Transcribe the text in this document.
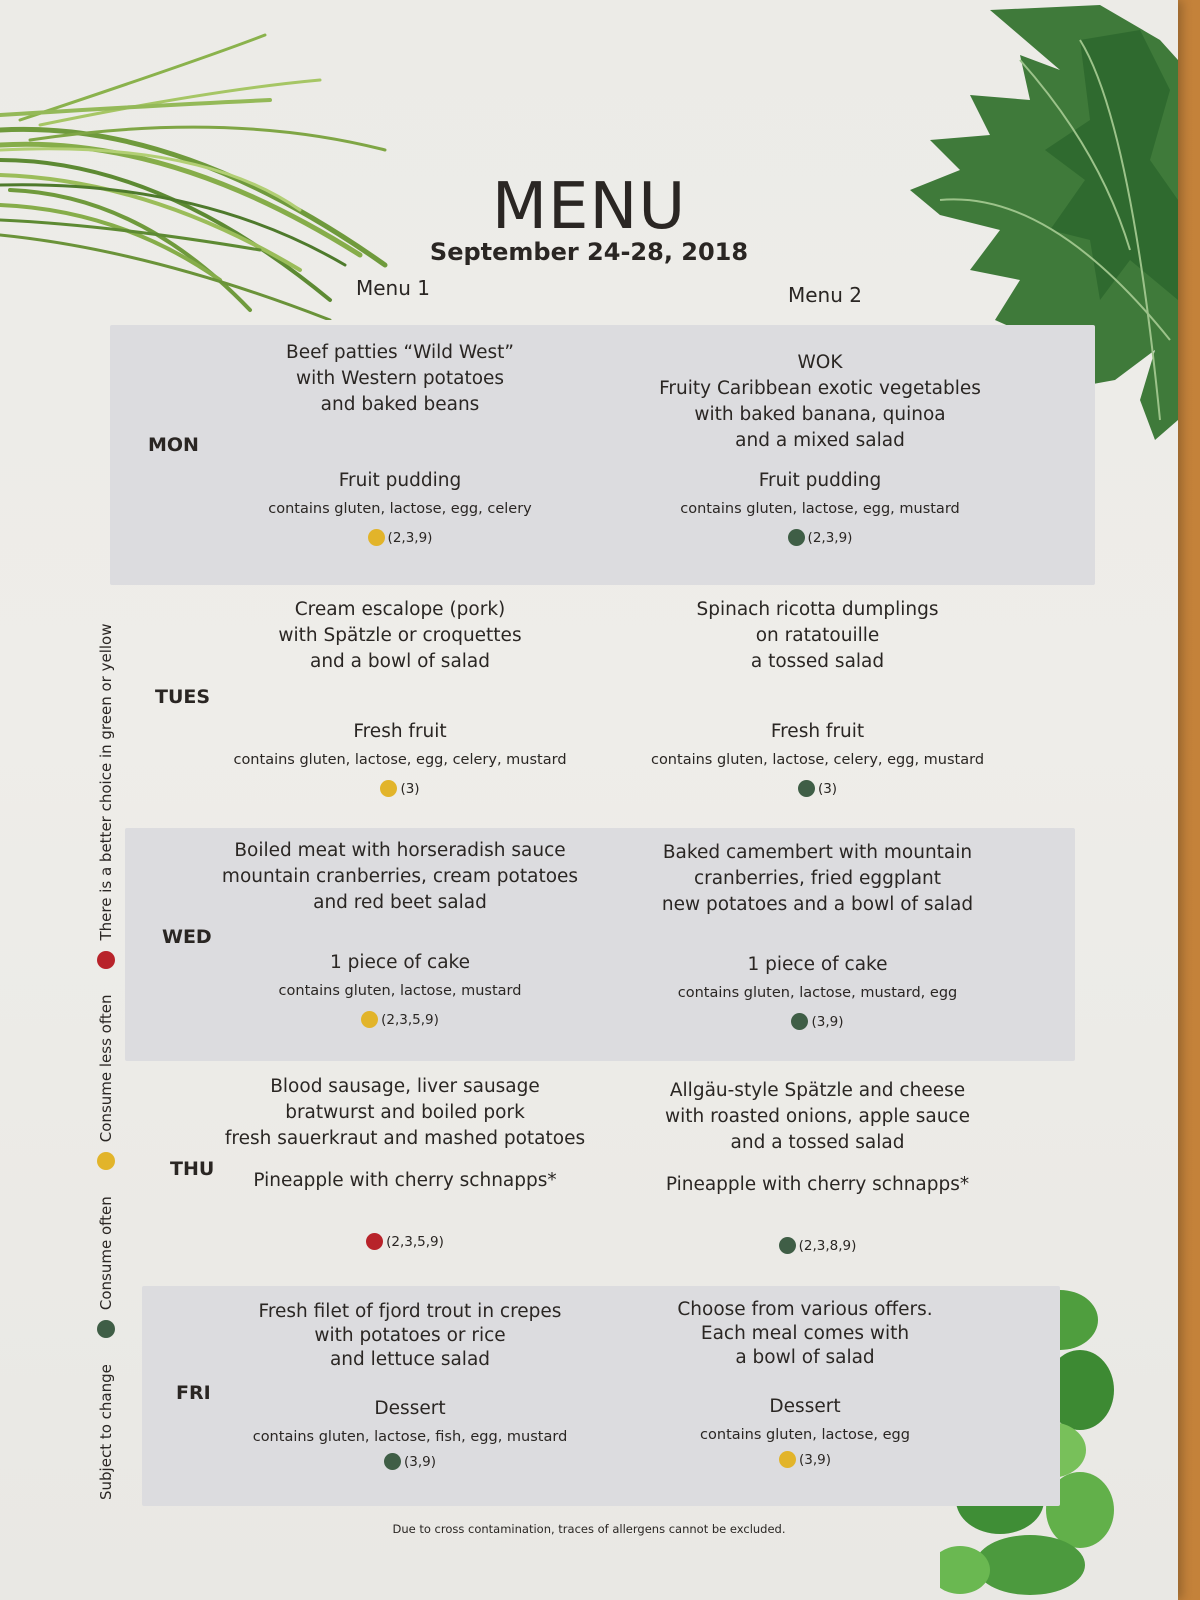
MENU
September 24-28, 2018
Menu 1	Menu 2
MON
Beef patties “Wild West”
with Western potatoes
and baked beans
Fruit pudding
contains gluten, lactose, egg, celery
(2,3,9)
WOK
Fruity Caribbean exotic vegetables
with baked banana, quinoa
and a mixed salad
Fruit pudding
contains gluten, lactose, egg, mustard
(2,3,9)
TUES
Cream escalope (pork)
with Spätzle or croquettes
and a bowl of salad
Fresh fruit
contains gluten, lactose, egg, celery, mustard
(3)
Spinach ricotta dumplings
on ratatouille
a tossed salad
Fresh fruit
contains gluten, lactose, celery, egg, mustard
(3)
WED
Boiled meat with horseradish sauce
mountain cranberries, cream potatoes
and red beet salad
1 piece of cake
contains gluten, lactose, mustard
(2,3,5,9)
Baked camembert with mountain
cranberries, fried eggplant
new potatoes and a bowl of salad
1 piece of cake
contains gluten, lactose, mustard, egg
(3,9)
THU
Blood sausage, liver sausage
bratwurst and boiled pork
fresh sauerkraut and mashed potatoes
Pineapple with cherry schnapps*
(2,3,5,9)
Allgäu-style Spätzle and cheese
with roasted onions, apple sauce
and a tossed salad
Pineapple with cherry schnapps*
(2,3,8,9)
FRI
Fresh filet of fjord trout in crepes
with potatoes or rice
and lettuce salad
Dessert
contains gluten, lactose, fish, egg, mustard
(3,9)
Choose from various offers.
Each meal comes with
a bowl of salad
Dessert
contains gluten, lactose, egg
(3,9)
Subject to change
Consume often
Consume less often
There is a better choice in green or yellow
Due to cross contamination, traces of allergens cannot be excluded.
